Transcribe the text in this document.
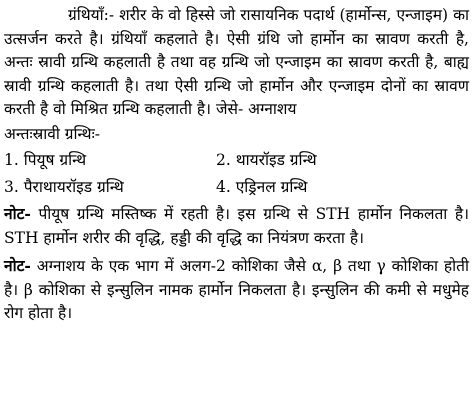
ग्रंथियाँ:- शरीर के वो हिस्से जो रासायनिक पदार्थ (हार्मोन्स, एन्जाइम) का उत्सर्जन करते है। ग्रंथियाँ कहलाते है। ऐसी ग्रंथि जो हार्मोन का स्रावण करती है, अन्तः स्रावी ग्रन्थि कहलाती है तथा वह ग्रन्थि जो एन्जाइम का स्रावण करती है, बाह्य स्रावी ग्रन्थि कहलाती है। तथा ऐसी ग्रन्थि जो हार्मोन और एन्जाइम दोनों का स्रावण करती है वो मिश्रित ग्रन्थि कहलाती है। जेसे- अग्नाशय

अन्तःस्रावी ग्रन्थिः-
1. पियूष ग्रन्थि	2. थायरॉइड ग्रन्थि
3. पैराथायरॉइड ग्रन्थि	4. एड्रिनल ग्रन्थि

नोट- पीयूष ग्रन्थि मस्तिष्क में रहती है। इस ग्रन्थि से STH हार्मोन निकलता है। STH हार्मोन शरीर की वृद्धि, हड्डी की वृद्धि का नियंत्रण करता है।

नोट- अग्नाशय के एक भाग में अलग-2 कोशिका जैसे α, β तथा γ कोशिका होती है। β कोशिका से इन्सुलिन नामक हार्मोन निकलता है। इन्सुलिन की कमी से मधुमेह रोग होता है।
